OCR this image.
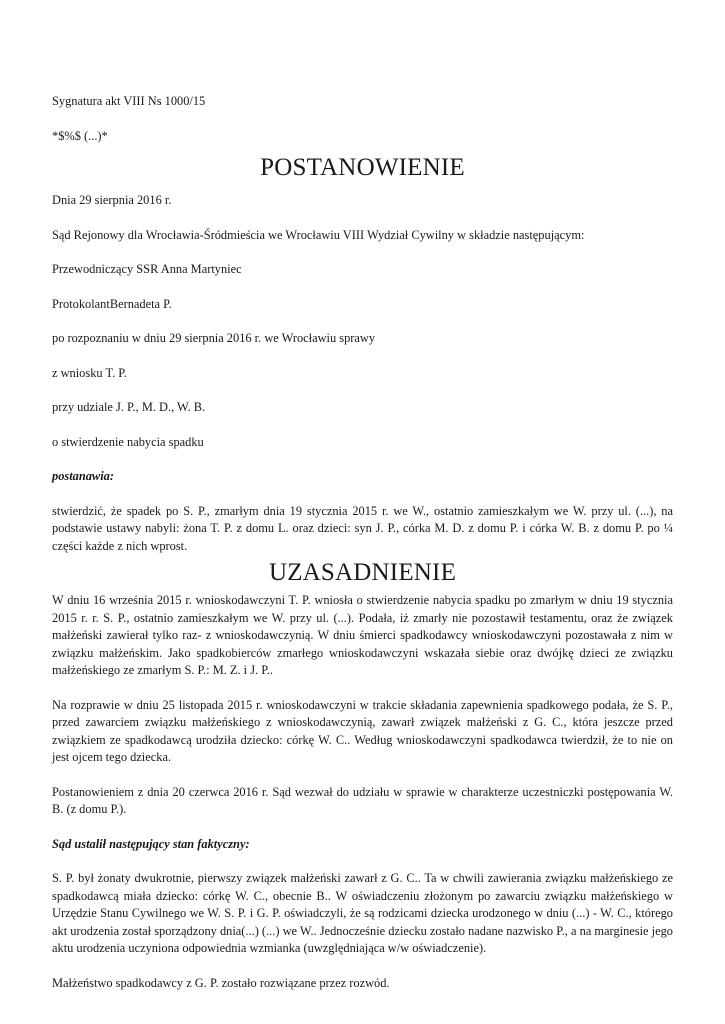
Sygnatura akt VIII Ns 1000/15
*$%$ (...)*
POSTANOWIENIE
Dnia 29 sierpnia 2016 r.
Sąd Rejonowy dla Wrocławia-Śródmieścia we Wrocławiu VIII Wydział Cywilny w składzie następującym:
Przewodniczący SSR Anna Martyniec
ProtokolantBernadeta P.
po rozpoznaniu w dniu 29 sierpnia 2016 r. we Wrocławiu sprawy
z wniosku T. P.
przy udziale J. P., M. D., W. B.
o stwierdzenie nabycia spadku
postanawia:
stwierdzić, że spadek po S. P., zmarłym dnia 19 stycznia 2015 r. we W., ostatnio zamieszkałym we W. przy ul. (...), na podstawie ustawy nabyli: żona T. P. z domu L. oraz dzieci: syn J. P., córka M. D. z domu P. i córka W. B. z domu P. po ¼ części każde z nich wprost.
UZASADNIENIE
W dniu 16 września 2015 r. wnioskodawczyni T. P. wniosła o stwierdzenie nabycia spadku po zmarłym w dniu 19 stycznia 2015 r. r. S. P., ostatnio zamieszkałym we W. przy ul. (...). Podała, iż zmarły nie pozostawił testamentu, oraz że związek małżeński zawierał tylko raz- z wnioskodawczynią. W dniu śmierci spadkodawcy wnioskodawczyni pozostawała z nim w związku małżeńskim. Jako spadkobierców zmarłego wnioskodawczyni wskazała siebie oraz dwójkę dzieci ze związku małżeńskiego ze zmarłym S. P.: M. Z. i J. P..
Na rozprawie w dniu 25 listopada 2015 r. wnioskodawczyni w trakcie składania zapewnienia spadkowego podała, że S. P., przed zawarciem związku małżeńskiego z wnioskodawczynią, zawarł związek małżeński z G. C., która jeszcze przed związkiem ze spadkodawcą urodziła dziecko: córkę W. C.. Według wnioskodawczyni spadkodawca twierdził, że to nie on jest ojcem tego dziecka.
Postanowieniem z dnia 20 czerwca 2016 r. Sąd wezwał do udziału w sprawie w charakterze uczestniczki postępowania W. B. (z domu P.).
Sąd ustalił następujący stan faktyczny:
S. P. był żonaty dwukrotnie, pierwszy związek małżeński zawarł z G. C.. Ta w chwili zawierania związku małżeńskiego ze spadkodawcą miała dziecko: córkę W. C., obecnie B.. W oświadczeniu złożonym po zawarciu związku małżeńskiego w Urzędzie Stanu Cywilnego we W. S. P. i G. P. oświadczyli, że są rodzicami dziecka urodzonego w dniu (...) - W. C., którego akt urodzenia został sporządzony dnia(...) (...) we W.. Jednocześnie dziecku zostało nadane nazwisko P., a na marginesie jego aktu urodzenia uczyniona odpowiednia wzmianka (uwzględniająca w/w oświadczenie).
Małżeństwo spadkodawcy z G. P. zostało rozwiązane przez rozwód.
